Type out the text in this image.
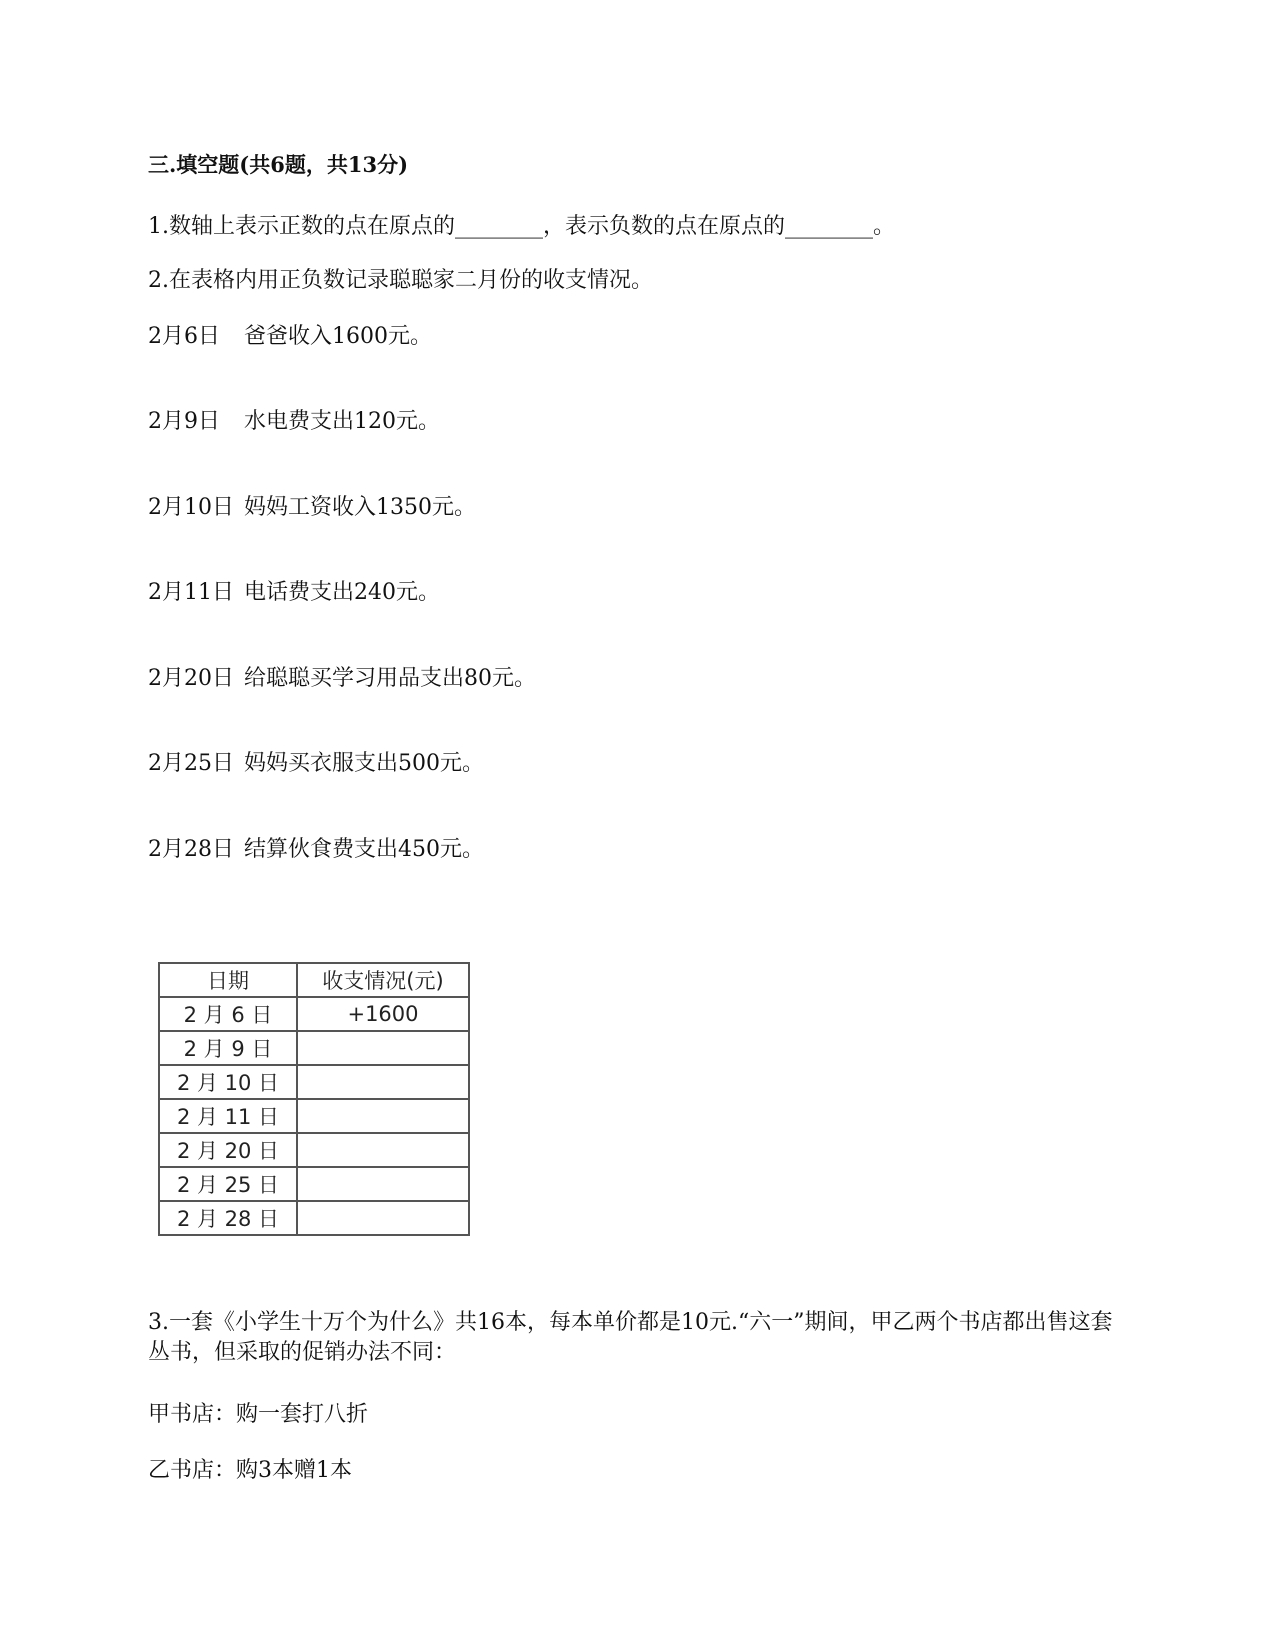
三.填空题(共6题，共13分)
1.数轴上表示正数的点在原点的________，表示负数的点在原点的________。
2.在表格内用正负数记录聪聪家二月份的收支情况。
2月6日 爸爸收入1600元。
2月9日 水电费支出120元。
2月10日 妈妈工资收入1350元。
2月11日 电话费支出240元。
2月20日 给聪聪买学习用品支出80元。
2月25日 妈妈买衣服支出500元。
2月28日 结算伙食费支出450元。
日期	收支情况(元)
2 月 6 日	+1600
2 月 9 日	
2 月 10 日	
2 月 11 日	
2 月 20 日	
2 月 25 日	
2 月 28 日	
3.一套《小学生十万个为什么》共16本，每本单价都是10元.“六一”期间，甲乙两个书店都出售这套丛书，但采取的促销办法不同：
甲书店：购一套打八折
乙书店：购3本赠1本
